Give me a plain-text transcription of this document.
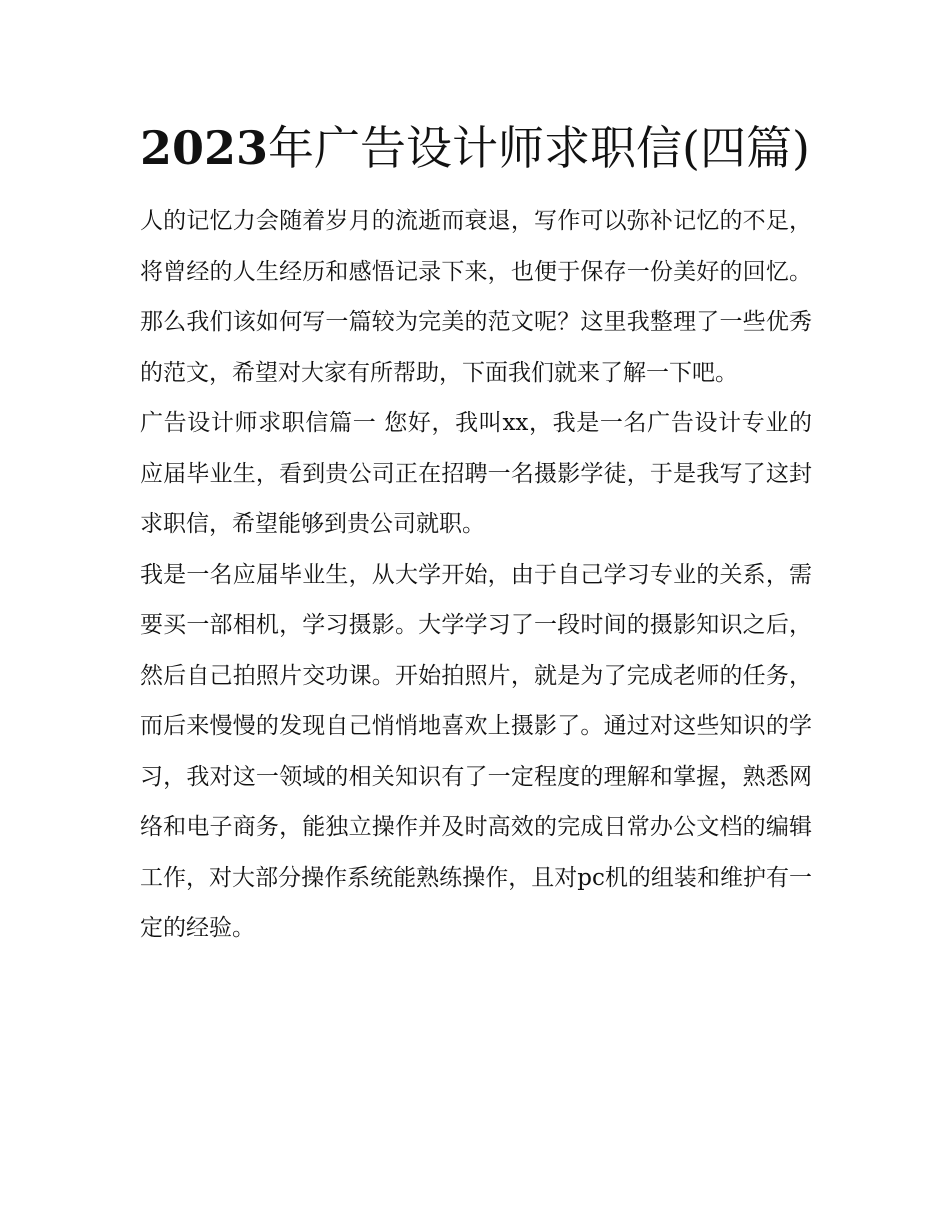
2023年广告设计师求职信(四篇)

人的记忆力会随着岁月的流逝而衰退，写作可以弥补记忆的不足，将曾经的人生经历和感悟记录下来，也便于保存一份美好的回忆。那么我们该如何写一篇较为完美的范文呢？这里我整理了一些优秀的范文，希望对大家有所帮助，下面我们就来了解一下吧。

广告设计师求职信篇一 您好，我叫xx，我是一名广告设计专业的应届毕业生，看到贵公司正在招聘一名摄影学徒，于是我写了这封求职信，希望能够到贵公司就职。

我是一名应届毕业生，从大学开始，由于自己学习专业的关系，需要买一部相机，学习摄影。大学学习了一段时间的摄影知识之后，然后自己拍照片交功课。开始拍照片，就是为了完成老师的任务，而后来慢慢的发现自己悄悄地喜欢上摄影了。通过对这些知识的学习，我对这一领域的相关知识有了一定程度的理解和掌握，熟悉网络和电子商务，能独立操作并及时高效的完成日常办公文档的编辑工作，对大部分操作系统能熟练操作，且对pc机的组装和维护有一定的经验。
